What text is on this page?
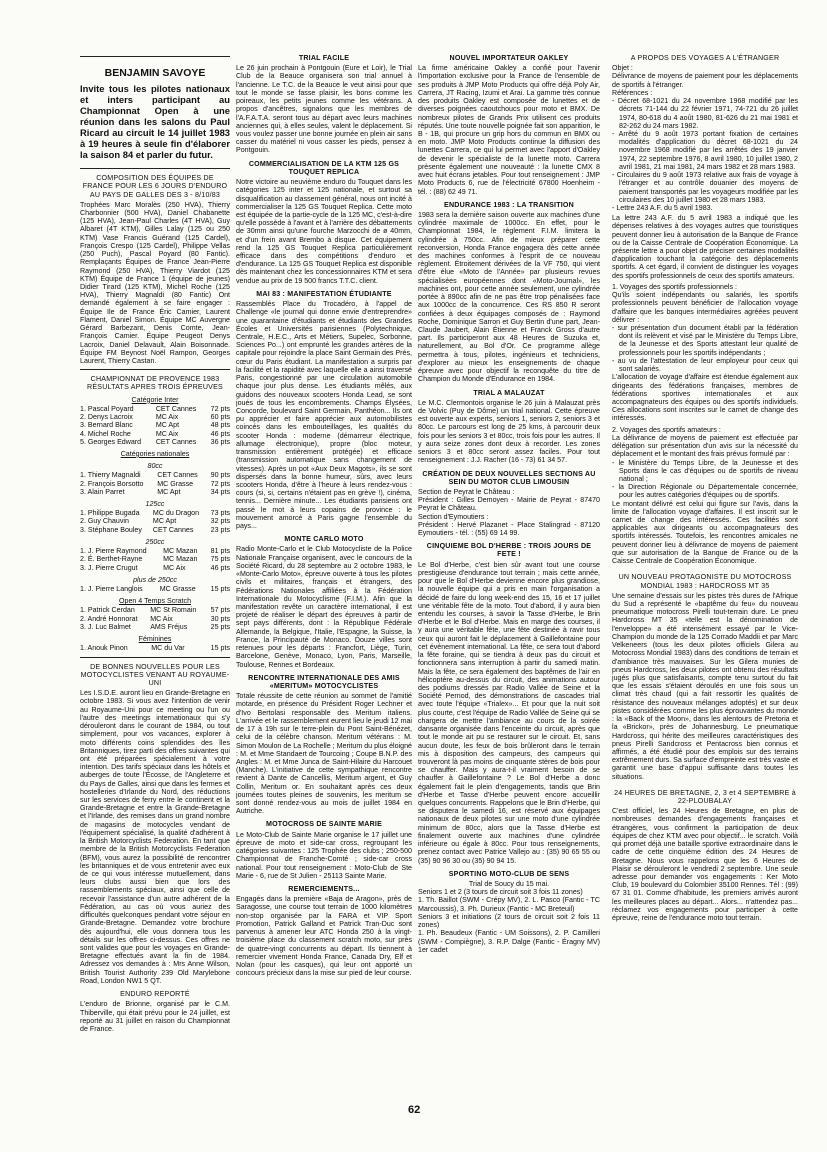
BENJAMIN SAVOYE

Invite tous les pilotes nationaux et inters participant au Championnat Open à une réunion dans les salons du Paul Ricard au circuit le 14 juillet 1983 à 19 heures à seule fin d'élaborer la saison 84 et parler du futur.

COMPOSITION DES ÉQUIPES DE FRANCE POUR LES 6 JOURS D'ENDURO AU PAYS DE GALLES DES 3 - 8/10/83

Trophées Marc Moralès (250 HVA), Thierry Charbonnier (500 HVA), Daniel Chabanette (125 HVA), Jean-Paul Charles (4T HVA), Guy Albaret (4T KTM), Gilles Lalay (125 ou 250 KTM) Vase Francis Guérand (125 Cardel), François Crespo (125 Cardel), Philippe Vellas (250 Puch), Pascal Poyard (80 Fantic). Remplaçants Équipes de France Jean-Pierre Raymond (250 HVA), Thierry Viardot (125 KTM) Équipe de France 1 (équipe de jeunes) Didier Tirard (125 KTM), Michel Roche (125 HVA), Thierry Magnaldi (80 Fantic) Ont demandé également à se faire engager : Équipe Ile de France Éric Camier, Laurent Flament, Daniel Simon. Équipe MC Auvergne Gérard Barbezant, Denis Comte, Jean-François Camier. Équipe Peugeot Denys Lacroix, Daniel Delavault, Alain Boisonnade. Équipe FM Beynost Noël Rampon, Georges Laurent, Thierry Castan.

CHAMPIONNAT DE PROVENCE 1983 RÉSULTATS APRES TROIS ÉPREUVES
Catégorie Inter
1. Pascal Poyard	CET Cannes	72 pts
2. Denys Lacroix	MC Aix	60 pts
3. Bernard Blanc	MC Apt	48 pts
4. Michel Roche	MC Aix	46 pts
5. Georges Edward	CET Cannes	36 pts
Catégories nationales
80cc
1. Thierry Magnaldi	CET Cannes	90 pts
2. François Borsotto	MC Grasse	72 pts
3. Alain Parret	MC Apt	34 pts
125cc
1. Philippe Bugada	MC du Dragon	73 pts
2. Guy Chauvin	MC Apt	32 pts
3. Stéphane Bouley	CET Cannes	23 pts
250cc
1. J. Pierre Raymond	MC Mazan	81 pts
2. É. Berthet-Rayne	MC Mazan	75 pts
3. J. Pierre Crugut	MC Aix	46 pts
plus de 250cc
1. J. Pierre Langlois	MC Grasse	15 pts
Open 4 Temps Scratch
1. Patrick Cerdan	MC St Romain	57 pts
2. André Honnorat	MC Aix	30 pts
3. J. Luc Balmet	AMS Fréjus	25 pts
Féminines
1. Anouk Pinon	MC du Var	15 pts
DE BONNES NOUVELLES POUR LES MOTOCYCLISTES VENANT AU ROYAUME-UNI

Les I.S.D.E. auront lieu en Grande-Bretagne en octobre 1983. Si vous avez l'intention de venir au Royaume-Uni pour ce meeting ou l'un ou l'autre des meetings internationaux qui s'y dérouleront dans le courant de 1984, ou tout simplement, pour vos vacances, explorer à moto différents coins splendides des îles Britanniques, tirez parti des offres suivantes qui ont été préparées spécialement à votre intention. Des tarifs spéciaux dans les hôtels et auberges de toute l'Écosse, de l'Angleterre et du Pays de Galles, ainsi que dans les fermes et hostelleries d'Irlande du Nord, des réductions sur les services de ferry entre le continent et la Grande-Bretagne et entre la Grande-Bretagne et l'Irlande, des remises dans un grand nombre de magasins de motocycles vendant de l'équipement spécialisé, la qualité d'adhérent à la British Motorcyclists Federation. En tant que membre de la British Motorcyclists Federation (BFM), vous aurez la possibilité de rencontrer les britanniques et de vous entretenir avec eux de ce qui vous intéresse mutuellement, dans leurs clubs aussi bien que lors des rassemblements spéciaux, ainsi que celle de recevoir l'assistance d'un autre adhérent de la Fédération, au cas où vous auriez des difficultés quelconques pendant votre séjour en Grande-Bretagne. Demandez votre brochure dès aujourd'hui, elle vous donnera tous les détails sur les offres ci-dessus. Ces offres ne sont valides que pour les voyages en Grande-Bretagne effectués avant la fin de 1984. Adressez vos demandes à : Mrs Anne Wilson, British Tourist Authority 239 Old Marylebone Road, London NW1 5 QT.

ENDURO REPORTÉ

L'enduro de Brionne, organisé par le C.M. Thiberville, qui était prévu pour le 24 juillet, est reporté au 31 juillet en raison du Championnat de France.

TRIAL FACILE

Le 26 juin prochain à Pontgouin (Eure et Loir), le Trial Club de la Beauce organisera son trial annuel à l'ancienne. Le T.C. de la Beauce le veut ainsi pour que tout le monde se fasse plaisir, les bons comme les poireaux, les petits jeunes comme les vétérans. A propos d'ancêtres, signalons que les membres de l'A.F.A.T.A. seront tous au départ avec leurs machines anciennes qui, à elles seules, valent le déplacement. Si vous voulez passer une bonne journée en plein air sans casser du matériel ni vous casser les pieds, pensez à Pontgouin.

COMMERCIALISATION DE LA KTM 125 GS TOUQUET REPLICA

Notre victoire au neuvième enduro du Touquet dans les catégories 125 inter et 125 nationale, et surtout sa disqualification au classement général, nous ont incité à commercialiser la 125 GS Touquet Replica. Cette moto est équipée de la partie-cycle de la 125 MC, c'est-à-dire qu'elle possède à l'avant et à l'arrière des débattements de 30mm ainsi qu'une fourche Marzocchi de ø 40mm, et d'un frein avant Brembo à disque. Cet équipement rend la 125 GS Touquet Replica particulièrement efficace dans des compétitions d'enduro et d'endurance. La 125 GS Touquet Replica est disponible dès maintenant chez les concessionnaires KTM et sera vendue au prix de 19 500 francs T.T.C. client.

MAI 83 : MANIFESTATION ÉTUDIANTE

Rassemblés Place du Trocadéro, à l'appel de Challenge «le journal qui donne envie d'entreprendre» une quarantaine d'étudiants et étudiants des Grandes Écoles et Universités parisiennes (Polytechnique, Centrale, H.E.C., Arts et Métiers, Supelec, Sorbonne, Sciences Po...) ont emprunté les grandes artères de la capitale pour rejoindre la place Saint Germain des Prés, cœur du Paris étudiant. La manifestation a surpris par la facilité et la rapidité avec laquelle elle a ainsi traversé Paris, congestionné par une circulation automobile chaque jour plus dense. Les étudiants mêlés, aux guidons des nouveaux scooters Honda Lead, se sont joués de tous les encombrements. Champs Élysées, Concorde, boulevard Saint Germain, Panthéon... Ils ont pu apprécier et faire apprécier aux automobilistes coincés dans les embouteillages, les qualités du scooter Honda : moderne (démarreur électrique, allumage électronique), propre (bloc moteur, transmission entièrement protégée) et efficace (transmission automatique sans changement de vitesses). Après un pot «Aux Deux Magots», ils se sont dispersés dans la bonne humeur, sûrs, avec leurs scooters Honda, d'être à l'heure à leurs rendez-vous : cours (si, si, certains n'étaient pas en grève !), cinéma, tennis... Dernière minute... Les étudiants parisiens ont passé le mot à leurs copains de province : le mouvement amorcé à Paris gagne l'ensemble du pays...

MONTE CARLO MOTO

Radio Monte-Carlo et le Club Motocycliste de la Police Nationale Française organisent, avec le concours de la Société Ricard, du 28 septembre au 2 octobre 1983, le «Monte-Carlo Moto», épreuve ouverte à tous les pilotes civils et militaires, français et étrangers, des Fédérations Nationales affiliées à la Fédération Internationale du Motocyclisme (F.I.M.). Afin que la manifestation revête un caractère international, il est projeté de réaliser le départ des épreuves à partir de sept pays différents, dont : la République Fédérale Allemande, la Belgique, l'Italie, l'Espagne, la Suisse, la France, la Principauté de Monaco. Douze villes sont retenues pour les départs : Francfort, Liège, Turin, Barcelone, Genève, Monaco, Lyon, Paris, Marseille, Toulouse, Rennes et Bordeaux.

RENCONTRE INTERNATIONALE DES AMIS «MERITUM» MOTOCYCLISTES

Totale réussite de cette réunion au sommet de l'amitié motarde, en présence du Président Roger Lechner et d'Ivo Bertolasi responsable des Meritum italiens. L'arrivée et le rassemblement eurent lieu le jeudi 12 mai de 17 à 19h sur le terre-plein du Pont Saint-Bénézet, celui de la célèbre chanson. Meritum vétérans : M. Simon Moulon de La Rochelle ; Meritum du plus éloigné : M. et Mme Standaert de Tourcoing ; Coupe B.N.P. des Angles : M. et Mme Junca de Saint-Hilaire du Harcouet (Manche). L'initiative de cette sympathique rencontre revient à Dante de Cancellis, Meritum argent, et Guy Collin, Meritum or. En souhaitant après ces deux journées toutes pleines de souvenirs, les meritum se sont donné rendez-vous au mois de juillet 1984 en Autriche.

MOTOCROSS DE SAINTE MARIE

Le Moto-Club de Sainte Marie organise le 17 juillet une épreuve de moto et side-car cross, regroupant les catégories suivantes : 125 Trophée des clubs ; 250-500 Championnat de Franche-Comté ; side-car cross national. Pour tout renseignement : Moto-Club de Ste Marie - 6, rue de St Julien - 25113 Sainte Marie.

REMERCIEMENTS...

Engagés dans la première «Baja de Aragon», près de Saragosse, une course tout terrain de 1000 kilomètres non-stop organisée par la FARA et VIP Sport Promotion, Patrick Galland et Patrick Tran-Duc sont parvenus à amener leur ATC Honda 250 à la vingt-troisième place du classement scratch moto, sur près de quatre-vingt concurrents au départ. Ils tiennent à remercier vivement Honda France, Canada Dry, Elf et Nolan (pour les casques), qui leur ont apporté un concours précieux dans la mise sur pied de leur course.

NOUVEL IMPORTATEUR OAKLEY

La firme américaine Oakley a confié pour l'avenir l'importation exclusive pour la France de l'ensemble de ses produits à JMP Moto Products qui offre déjà Poly Air, Carrera, JT Racing, Izumi et Arai. La gamme très connue des produits Oakley est composée de lunettes et de diverses poignées caoutchoucs pour moto et BMX. De nombreux pilotes de Grands Prix utilisent ces produits réputés. Une toute nouvelle poignée fait son apparition, le B - 1B, qui procure un grip hors du commun en BMX ou en moto. JMP Moto Products continue la diffusion des lunettes Carrera, ce qui lui permet avec l'apport d'Oakley de devenir le spécialiste de la lunette moto. Carrera présente également une nouveauté : la lunette CMX 8 avec huit écrans jetables. Pour tout renseignement : JMP Moto Products 6, rue de l'électricité 67800 Hoenheim - tél. : (88) 62 49 71.

ENDURANCE 1983 : LA TRANSITION

1983 sera la dernière saison ouverte aux machines d'une cylindrée maximale de 1000cc. En effet, pour le Championnat 1984, le règlement F.I.M. limitera la cylindrée à 750cc. Afin de mieux préparer cette reconversion, Honda France engagera dès cette année des machines conformes à l'esprit de ce nouveau règlement. Étroitement dérivées de la VF 750, qui vient d'être élue «Moto de l'Année» par plusieurs revues spécialisées européennes dont «Moto-Journal», les machines ont, pour cette année seulement, une cylindrée portée à 890cc afin de ne pas être trop pénalisées face aux 1000cc de la concurrence. Ces RS 850 R seront confiées à deux équipages composés de : Raymond Roche, Dominique Sarron et Guy Bertin d'une part, Jean-Claude Jaubert, Alain Étienne et Franck Gross d'autre part. Ils participeront aux 48 Heures de Suzuka et, naturellement, au Bol d'Or. Ce programme allège permettra à tous, pilotes, ingénieurs et techniciens, d'explorer au mieux les enseignements de chaque épreuve avec pour objectif la reconquête du titre de Champion du Monde d'Endurance en 1984.

TRIAL A MALAUZAT

Le M.C. Clermontois organise le 26 juin à Malauzat près de Volvic (Puy de Dôme) un trial national. Cette épreuve est ouverte aux experts, seniors 1, seniors 2, seniors 3 et 80cc. Le parcours est long de 25 kms, à parcourir deux fois pour les seniors 3 et 80cc, trois fois pour les autres. Il y aura seize zones dont deux à recorder. Les zones seniors 3 et 80cc seront assez faciles. Pour tout renseignement : J.J. Racher (16 - 73) 61 34 57.

CRÉATION DE DEUX NOUVELLES SECTIONS AU SEIN DU MOTOR CLUB LIMOUSIN
Section de Peyrat le Château :
Président : Gilles Demoyen - Mairie de Peyrat - 87470 Peyrat le Château.
Section d'Eymoutiers :
Président : Hervé Plazanet - Place Stalingrad - 87120 Eymoutiers - tél. : (55) 69 14 99.
CINQUIEME BOL D'HERBE : TROIS JOURS DE FETE !

Le Bol d'Herbe, c'est bien sûr avant tout une course prestigieuse d'endurance tout terrain ; mais cette année, pour que le Bol d'Herbe devienne encore plus grandiose, la nouvelle équipe qui a pris en main l'organisation a décidé de faire du long week-end des 15, 16 et 17 juillet une véritable fête de la moto. Tout d'abord, il y aura bien entendu les courses, à savoir la Tasse d'Herbe, le Brin d'Herbe et le Bol d'Herbe. Mais en marge des courses, il y aura une véritable fête, une fête destinée à ravir tous ceux qui auront fait le déplacement à Gaillefontaine pour cet événement international. La fête, ce sera tout d'abord la fête foraine, qui se tiendra à deux pas du circuit et fonctionnera sans interruption à partir du samedi matin. Mais la fête, ce sera également des baptêmes de l'air en hélicoptère au-dessus du circuit, des animations autour des podiums dressés par Radio Vallée de Seine et la Société Pernod, des démonstrations de cascades trial avec toute l'équipe «Trialex»... Et pour que la nuit soit plus courte, c'est l'équipe de Radio Vallée de Seine qui se chargera de mettre l'ambiance au cours de la soirée dansante organisée dans l'enceinte du circuit, après que tout le monde ait pu se restaurer sur le circuit. Et, sans aucun doute, les feux de bois brûleront dans le terrain mis à disposition des campeurs, des campeurs qui trouveront là pas moins de cinquante stères de bois pour se chauffer. Mais y aura-t-il vraiment besoin de se chauffer à Gaillefontaine ? Le Bol d'Herbe a donc également fait le plein d'engagements, tandis que Brin d'Herbe et Tasse d'Herbe peuvent encore accueillir quelques concurrents. Rappelons que le Brin d'Herbe, qui se disputera le samedi 16, est réservé aux équipages nationaux de deux pilotes sur une moto d'une cylindrée minimum de 80cc, alors que la Tasse d'Herbe est finalement ouverte aux machines d'une cylindrée inférieure ou égale à 80cc. Pour tous renseignements, prenez contact avec Patrice Vallejo au : (35) 90 65 55 ou (35) 90 96 30 ou (35) 90 94 15.

SPORTING MOTO-CLUB DE SENS
Trial de Soucy du 15 mai.
Seniors 1 et 2 (3 tours de circuit soit 3 fois 11 zones)
1. Th. Baillot (SWM - Crépy MV), 2. L. Pasco (Fantic - TC Marcoussis), 3. Ph. Durieux (Fantic - MC Breteuil)
Seniors 3 et initiations (2 tours de circuit soit 2 fois 11 zones)
1. Ph. Beaudeux (Fantic - UM Soissons), 2. P. Camilleri (SWM - Compiègne), 3. R.P. Dalge (Fantic - Éragny MV) 1er cadet
A PROPOS DES VOYAGES A L'ÉTRANGER
Objet :

Délivrance de moyens de paiement pour les déplacements de sportifs à l'étranger.

Références :
- Décret 68-1021 du 24 novembre 1968 modifié par les décrets 71-144 du 22 février 1971, 74-721 du 26 juillet 1974, 80-618 du 4 août 1980, 81-626 du 21 mai 1981 et 82-262 du 24 mars 1982.
- Arrêté du 9 août 1973 portant fixation de certaines modalités d'application du décret 68-1021 du 24 novembre 1968 modifié par les arrêtés des 19 janvier 1974, 22 septembre 1976, 8 avril 1980, 10 juillet 1980, 2 avril 1981, 21 mai 1981, 24 mars 1982 et 28 mars 1983.
- Circulaires du 9 août 1973 relative aux frais de voyage à l'étranger et au contrôle douanier des moyens de paiement transportés par les voyageurs modifiée par les circulaires des 10 juillet 1980 et 28 mars 1983.
- Lettre 243 A.F. du 5 avril 1983.

La lettre 243 A.F. du 5 avril 1983 a indiqué que les dépenses relatives à des voyages autres que touristiques peuvent donner lieu à autorisation de la Banque de France ou de la Caisse Centrale de Coopération Économique. La présente lettre a pour objet de préciser certaines modalités d'application touchant la catégorie des déplacements sportifs. A cet égard, il convient de distinguer les voyages des sportifs professionnels de ceux des sportifs amateurs.

1. Voyages des sportifs professionnels :

Qu'ils soient indépendants ou salariés, les sportifs professionnels peuvent bénéficier de l'allocation voyage d'affaire que les banques intermédiaires agréées peuvent délivrer :

- sur présentation d'un document établi par la fédération dont ils relèvent et visé par le Ministère du Temps Libre, de la Jeunesse et des Sports attestant leur qualité de professionnels pour les sportifs indépendants ;
- au vu de l'attestation de leur employeur pour ceux qui sont salariés.

L'allocation de voyage d'affaire est étendue également aux dirigeants des fédérations françaises, membres de fédérations sportives internationales et aux accompagnateurs des équipes ou des sportifs individuels. Ces allocations sont inscrites sur le carnet de change des intéressés.

2. Voyages des sportifs amateurs :

La délivrance de moyens de paiement est effectuée par délégation sur présentation d'un avis sur la nécessité du déplacement et le montant des frais prévus formulé par :

- le Ministère du Temps Libre, de la Jeunesse et des Sports dans le cas d'équipes ou de sportifs de niveau national ;
- la Direction Régionale ou Départementale concernée, pour les autres catégories d'équipes ou de sportifs.

Le montant délivré est celui qui figure sur l'avis, dans la limite de l'allocation voyage d'affaires. Il est inscrit sur le carnet de change des intéressés. Ces facilités sont applicables aux dirigeants ou accompagnateurs des sportifs intéressés. Toutefois, les rencontres amicales ne peuvent donner lieu à délivrance de moyens de paiement que sur autorisation de la Banque de France ou de la Caisse Centrale de Coopération Économique.

UN NOUVEAU PROTAGONISTE DU MOTOCROSS MONDIAL 1983 : HARDCROSS MT 35

Une semaine d'essais sur les pistes très dures de l'Afrique du Sud a représenté le «baptême du feu» du nouveau pneumatique motocross Pirelli tout-terrain dure. Le pneu Hardcross MT 35 «telle est la dénomination de l'enveloppe» a été intensément essayé par le Vice-Champion du monde de la 125 Corrado Maddii et par Marc Velkeneers (tous les deux pilotes officiels Gilera au Motocross Mondial 1983) dans des conditions de terrain et d'ambiance très mauvaises. Sur les Gilera munies de pneus Hardcross, les deux pilotes ont obtenu des résultats jugés plus que satisfaisants, compte tenu surtout du fait que les essais s'étaient déroulés en une fois sous un climat très chaud (qui a fait ressortir les qualités de résistance des nouveaux mélanges adoptés) et sur deux pistes considérées comme les plus éprouvantes du monde : la «Back of the Moon», dans les alentours de Pretoria et la «Brickor», près de Johannesburg. Le pneumatique Hardcross, qui hérite des meilleures caractéristiques des pneus Pirelli Sandcross et Pentacross bien connus et affirmés, a été étudié pour des emplois sur des terrains extrêmement durs. Sa surface d'empreinte est très vaste et garantit une base d'appui suffisante dans toutes les situations.

24 HEURES DE BRETAGNE, 2, 3 et 4 SEPTEMBRE à 22-PLOUBALAY

C'est officiel, les 24 Heures de Bretagne, en plus de nombreuses demandes d'engagements françaises et étrangères, vous confirment la participation de deux équipes de chez KTM avec pour objectif... le scratch. Voilà qui promet déjà une bataille sportive extraordinaire dans le cadre de cette cinquième édition des 24 Heures de Bretagne. Nous vous rappelons que les 6 Heures de Plaisir se dérouleront le vendredi 2 septembre. Une seule adresse pour demander vos engagements : Ker Moto Club, 19 boulevard du Colombier 35100 Rennes. Tél : (99) 67 31 01. Comme d'habitude, les premiers arrivés auront les meilleures places au départ... Alors... n'attendez pas... réclamez vos engagements pour participer à cette épreuve, reine de l'endurance moto tout terrain.

62
